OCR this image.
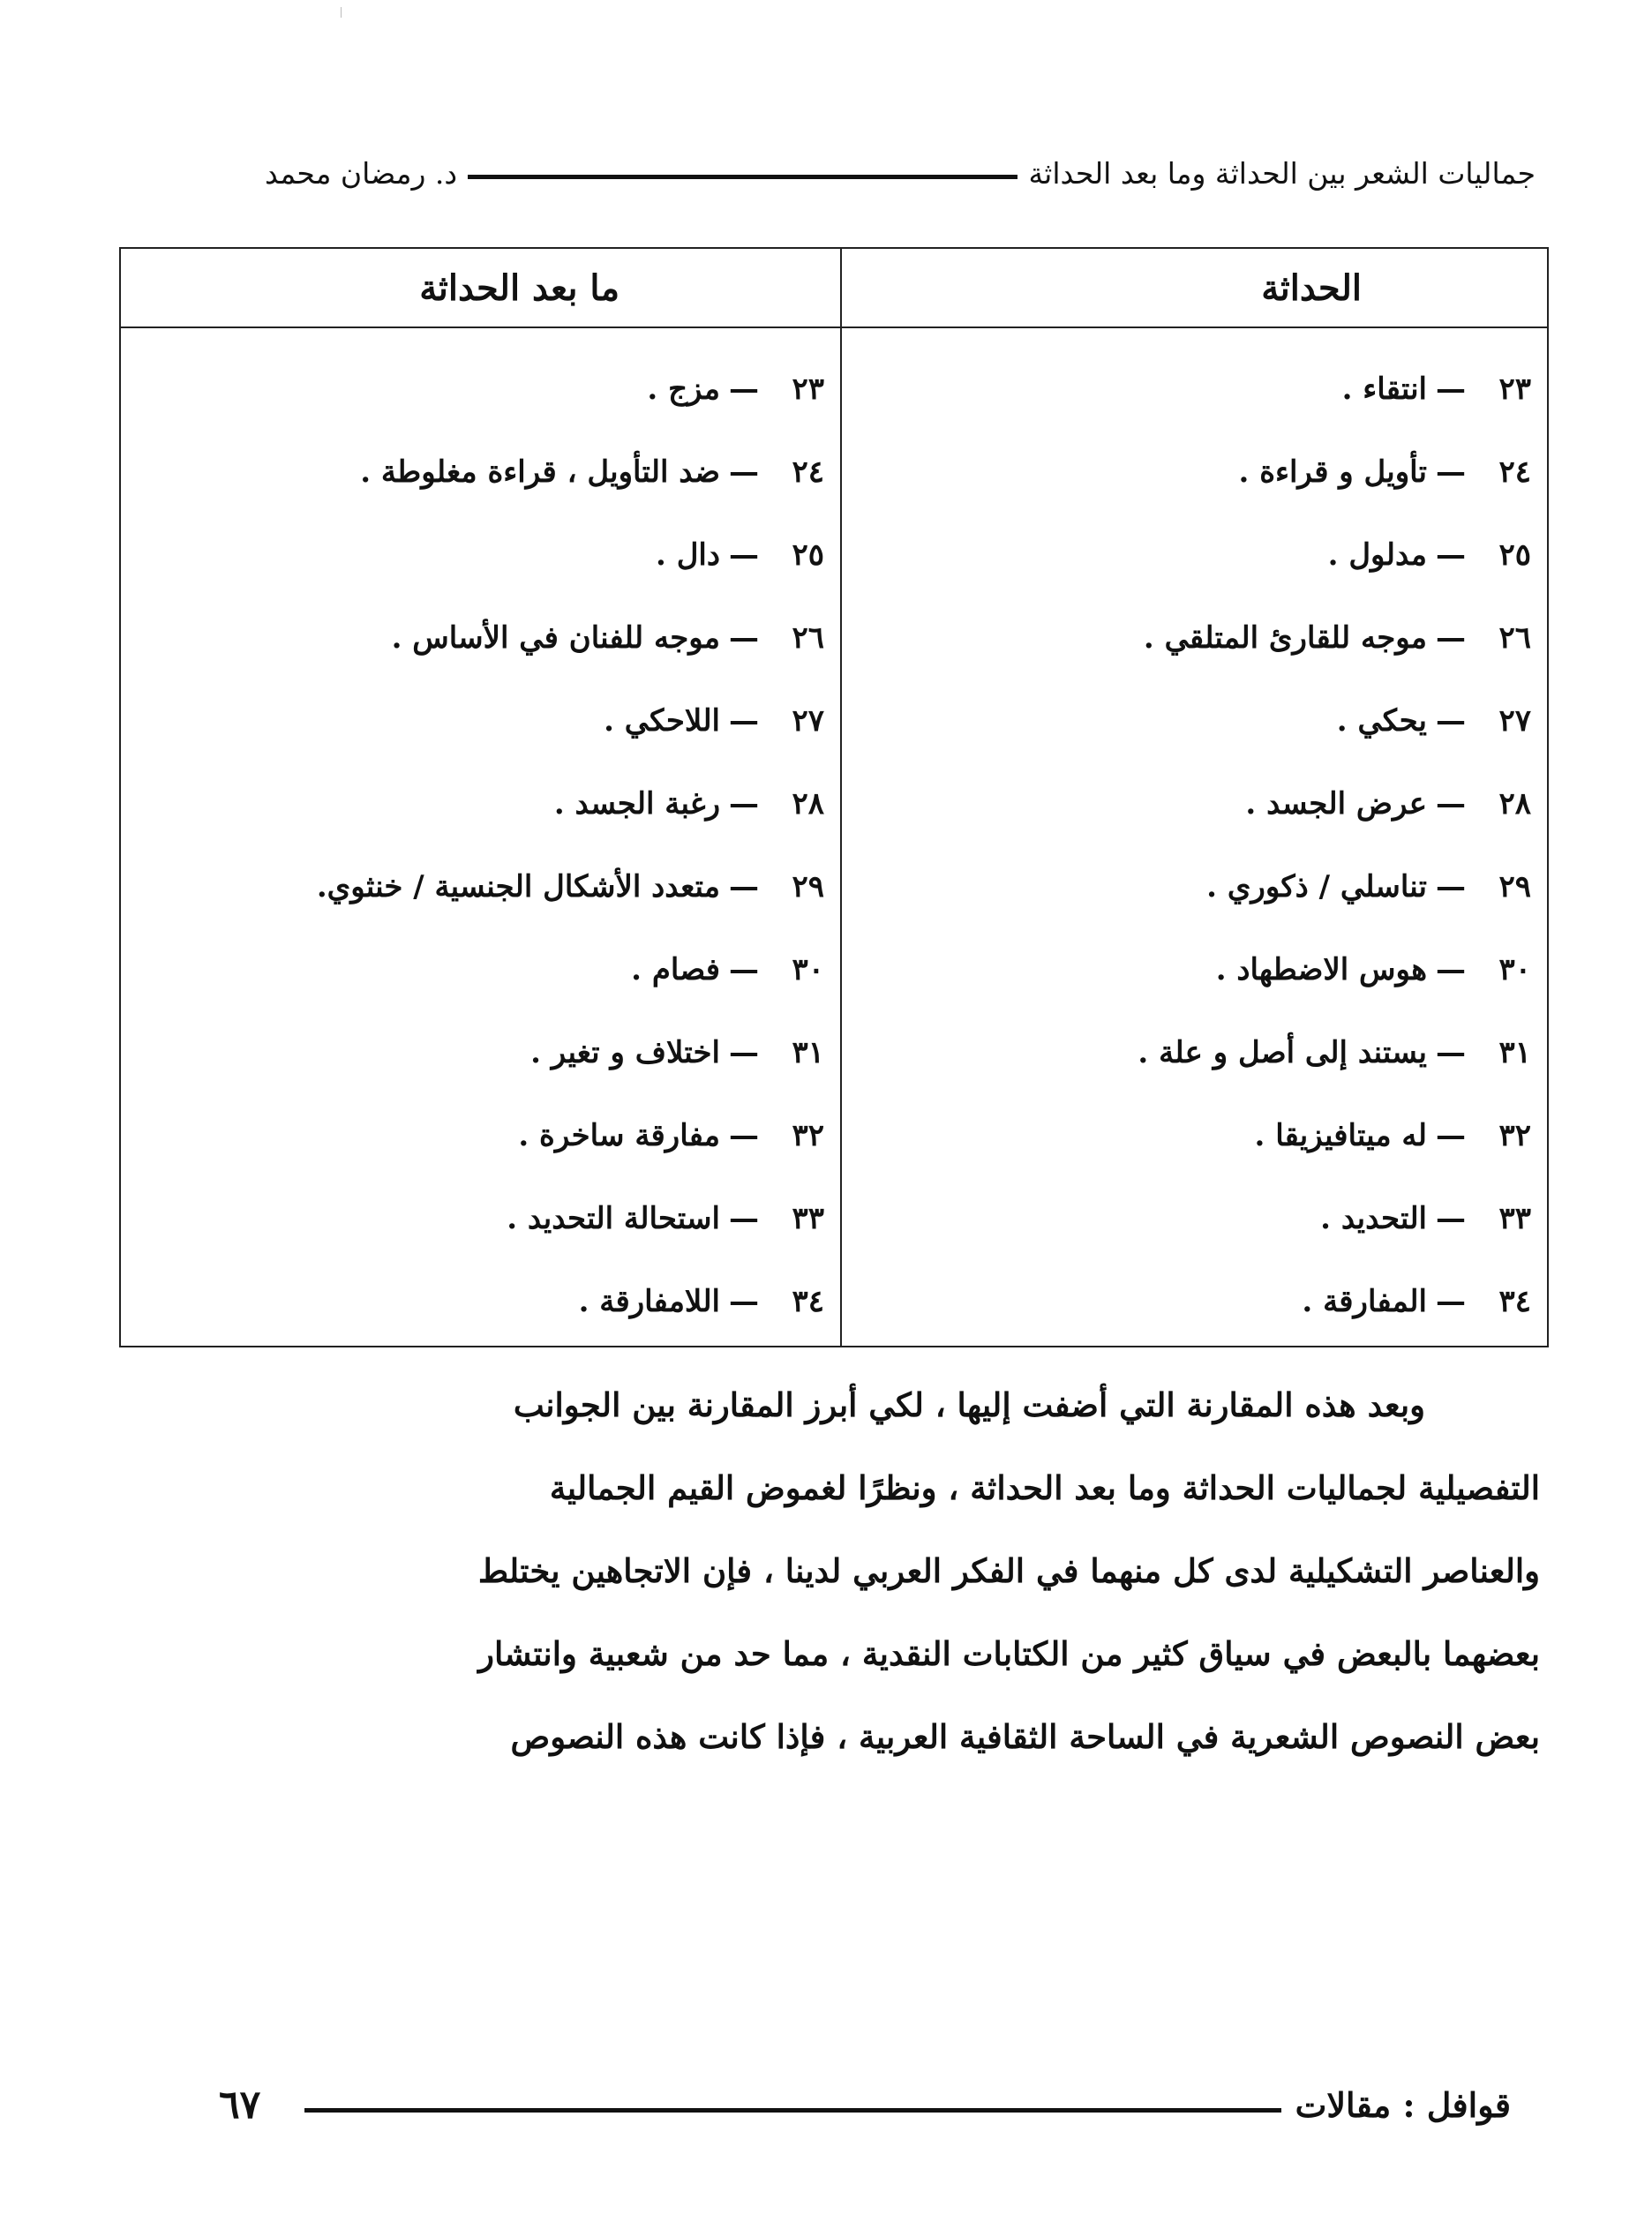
جماليات الشعر بين الحداثة وما بعد الحداثة
د. رمضان محمد
الحداثة
٢٣
—
انتقاء .
٢٤
—
تأويل و قراءة .
٢٥
—
مدلول .
٢٦
—
موجه للقارئ المتلقي .
٢٧
—
يحكي .
٢٨
—
عرض الجسد .
٢٩
—
تناسلي / ذكوري .
٣٠
—
هوس الاضطهاد .
٣١
—
يستند إلى أصل و علة .
٣٢
—
له ميتافيزيقا .
٣٣
—
التحديد .
٣٤
—
المفارقة .
ما بعد الحداثة
٢٣
—
مزج .
٢٤
—
ضد التأويل ، قراءة مغلوطة .
٢٥
—
دال .
٢٦
—
موجه للفنان في الأساس .
٢٧
—
اللاحكي .
٢٨
—
رغبة الجسد .
٢٩
—
متعدد الأشكال الجنسية / خنثوي.
٣٠
—
فصام .
٣١
—
اختلاف و تغير .
٣٢
—
مفارقة ساخرة .
٣٣
—
استحالة التحديد .
٣٤
—
اللامفارقة .
وبعد هذه المقارنة التي أضفت إليها ، لكي أبرز المقارنة بين الجوانب
التفصيلية لجماليات الحداثة وما بعد الحداثة ، ونظرًا لغموض القيم الجمالية
والعناصر التشكيلية لدى كل منهما في الفكر العربي لدينا ، فإن الاتجاهين يختلط
بعضهما بالبعض في سياق كثير من الكتابات النقدية ، مما حد من شعبية وانتشار
بعض النصوص الشعرية في الساحة الثقافية العربية ، فإذا كانت هذه النصوص
قوافل : مقالات
٦٧
